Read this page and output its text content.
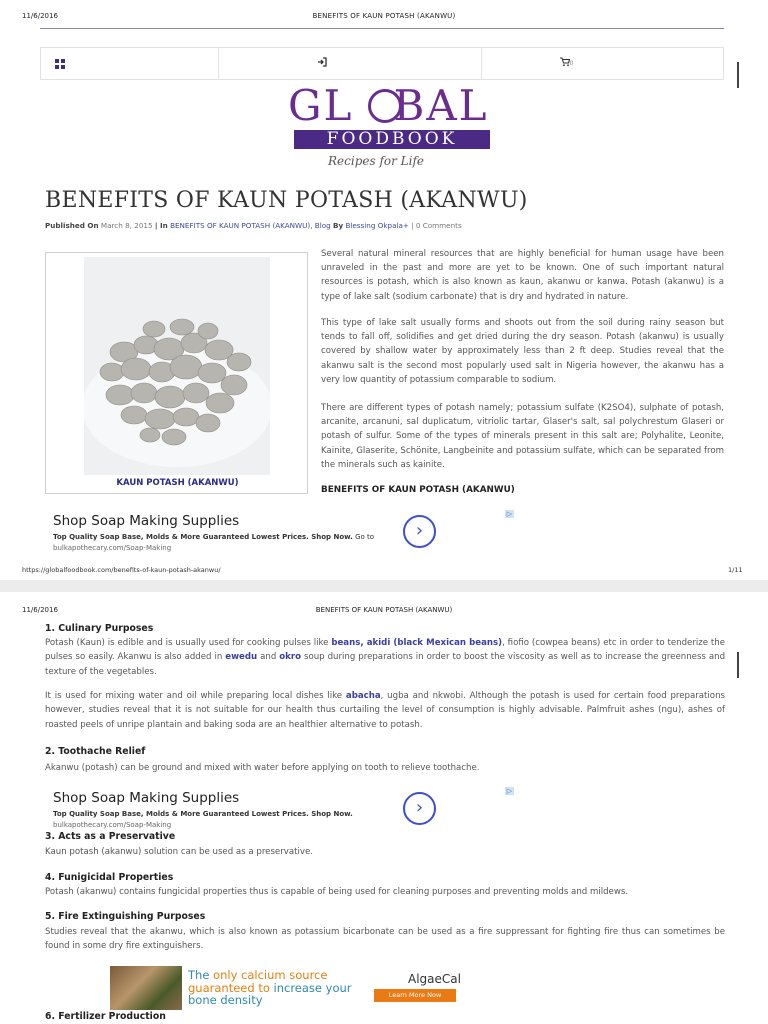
11/6/2016	BENEFITS OF KAUN POTASH (AKANWU)
0
GL BAL
FOODBOOK
Recipes for Life
BENEFITS OF KAUN POTASH (AKANWU)
Published On March 8, 2015 | In BENEFITS OF KAUN POTASH (AKANWU), Blog By Blessing Okpala+ | 0 Comments
KAUN POTASH (AKANWU)

Several natural mineral resources that are highly beneficial for human usage have been unraveled in the past and more are yet to be known. One of such important natural resources is potash, which is also known as kaun, akanwu or kanwa. Potash (akanwu) is a type of lake salt (sodium carbonate) that is dry and hydrated in nature.

This type of lake salt usually forms and shoots out from the soil during rainy season but tends to fall off, solidifies and get dried during the dry season. Potash (akanwu) is usually covered by shallow water by approximately less than 2 ft deep. Studies reveal that the akanwu salt is the second most popularly used salt in Nigeria however, the akanwu has a very low quantity of potassium comparable to sodium.

There are different types of potash namely; potassium sulfate (K2SO4), sulphate of potash, arcanite, arcanuni, sal duplicatum, vitriolic tartar, Glaser's salt, sal polychrestum Glaseri or potash of sulfur. Some of the types of minerals present in this salt are; Polyhalite, Leonite, Kainite, Glaserite, Schönite, Langbeinite and potassium sulfate, which can be separated from the minerals such as kainite.

BENEFITS OF KAUN POTASH (AKANWU)
Shop Soap Making Supplies
Top Quality Soap Base, Molds & More Guaranteed Lowest Prices. Shop Now. Go to
bulkapothecary.com/Soap-Making
›
▷
https://globalfoodbook.com/benefits-of-kaun-potash-akanwu/	1/11
11/6/2016	BENEFITS OF KAUN POTASH (AKANWU)
1. Culinary Purposes

Potash (Kaun) is edible and is usually used for cooking pulses like beans, akidi (black Mexican beans), fiofio (cowpea beans) etc in order to tenderize the pulses so easily. Akanwu is also added in ewedu and okro soup during preparations in order to boost the viscosity as well as to increase the greenness and texture of the vegetables.

It is used for mixing water and oil while preparing local dishes like abacha, ugba and nkwobi. Although the potash is used for certain food preparations however, studies reveal that it is not suitable for our health thus curtailing the level of consumption is highly advisable. Palmfruit ashes (ngu), ashes of roasted peels of unripe plantain and baking soda are an healthier alternative to potash.

2. Toothache Relief

Akanwu (potash) can be ground and mixed with water before applying on tooth to relieve toothache.

Shop Soap Making Supplies
Top Quality Soap Base, Molds & More Guaranteed Lowest Prices. Shop Now.
bulkapothecary.com/Soap-Making
›
▷
3. Acts as a Preservative

Kaun potash (akanwu) solution can be used as a preservative.

4. Funigicidal Properties

Potash (akanwu) contains fungicidal properties thus is capable of being used for cleaning purposes and preventing molds and mildews.

5. Fire Extinguishing Purposes

Studies reveal that the akanwu, which is also known as potassium bicarbonate can be used as a fire suppressant for fighting fire thus can sometimes be found in some dry fire extinguishers.

The only calcium source
guaranteed to increase your
bone density
AlgaeCal
Learn More Now
6. Fertilizer Production
